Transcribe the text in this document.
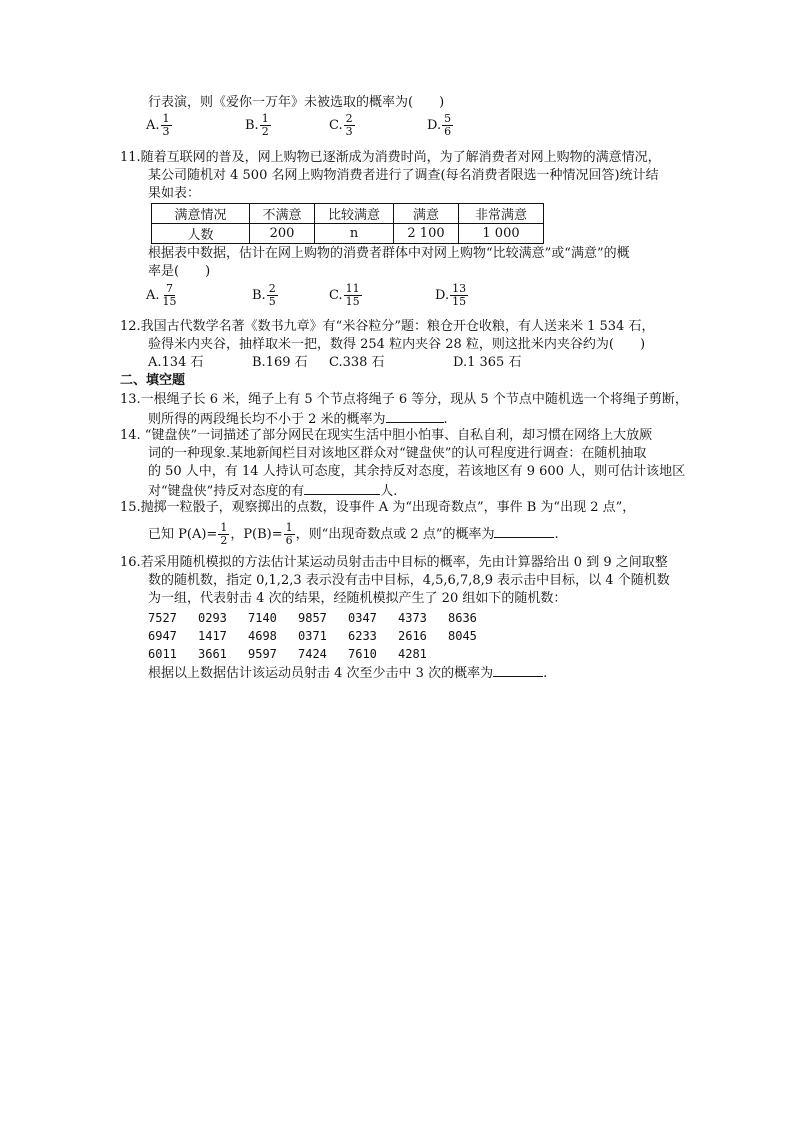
行表演，则《爱你一万年》未被选取的概率为(　　)
A. $\frac{1}{3}$	B. $\frac{1}{2}$	C. $\frac{2}{3}$	D. $\frac{5}{6}$
11.随着互联网的普及，网上购物已逐渐成为消费时尚，为了解消费者对网上购物的满意情况，
某公司随机对 4 500 名网上购物消费者进行了调查(每名消费者限选一种情况回答)统计结
果如表：
满意情况	不满意	比较满意	满意	非常满意
人数	200	n	2 100	1 000
根据表中数据，估计在网上购物的消费者群体中对网上购物“比较满意”或“满意”的概
率是(　　)
A. $\frac{7}{15}$	B. $\frac{2}{5}$	C. $\frac{11}{15}$	D. $\frac{13}{15}$
12.我国古代数学名著《数书九章》有“米谷粒分”题：粮仓开仓收粮，有人送来米 1 534 石，
验得米内夹谷，抽样取米一把，数得 254 粒内夹谷 28 粒，则这批米内夹谷约为(　　)
A.134 石	B.169 石 C.338 石	D.1 365 石
二、填空题
13.一根绳子长 6 米，绳子上有 5 个节点将绳子 6 等分，现从 5 个节点中随机选一个将绳子剪断，
则所得的两段绳长均不小于 2 米的概率为	.
14. “键盘侠”一词描述了部分网民在现实生活中胆小怕事、自私自利，却习惯在网络上大放厥
词的一种现象.某地新闻栏目对该地区群众对“键盘侠”的认可程度进行调查：在随机抽取
的 50 人中，有 14 人持认可态度，其余持反对态度，若该地区有 9 600 人，则可估计该地区
对“键盘侠”持反对态度的有	人.
15.抛掷一粒骰子，观察掷出的点数，设事件 A 为“出现奇数点”，事件 B 为“出现 2 点”，
已知 $P(A)= \frac{1}{2}$ ，$P(B)= \frac{1}{6}$ ，则“出现奇数点或 2 点”的概率为	.
16.若采用随机模拟的方法估计某运动员射击击中目标的概率，先由计算器给出 0 到 9 之间取整
数的随机数，指定 0,1,2,3 表示没有击中目标，4,5,6,7,8,9 表示击中目标，以 4 个随机数
为一组，代表射击 4 次的结果，经随机模拟产生了 20 组如下的随机数：
7527 0293 7140 9857 0347 4373 8636
6947 1417 4698 0371 6233 2616 8045
6011 3661 9597 7424 7610 4281
根据以上数据估计该运动员射击 4 次至少击中 3 次的概率为	.
